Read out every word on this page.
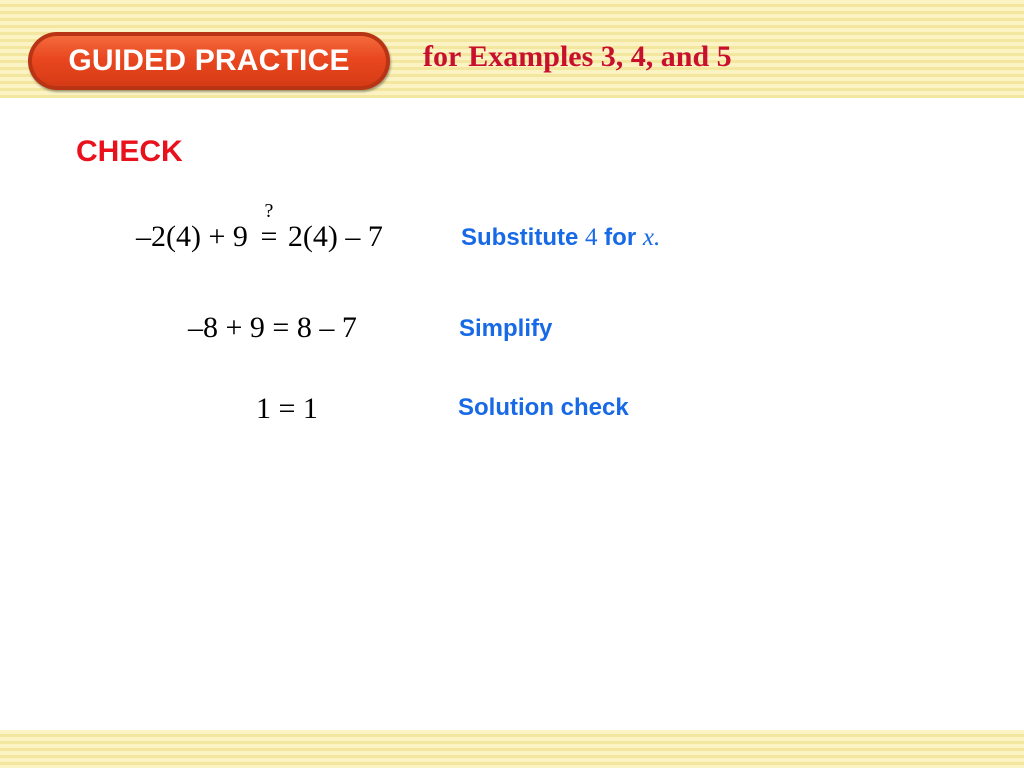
GUIDED PRACTICE for Examples 3, 4, and 5
CHECK
–2(4) + 9
?
= 2(4) – 7	Substitute 4 for x.
–8 + 9 = 8 – 7	Simplify
1 = 1	Solution check
